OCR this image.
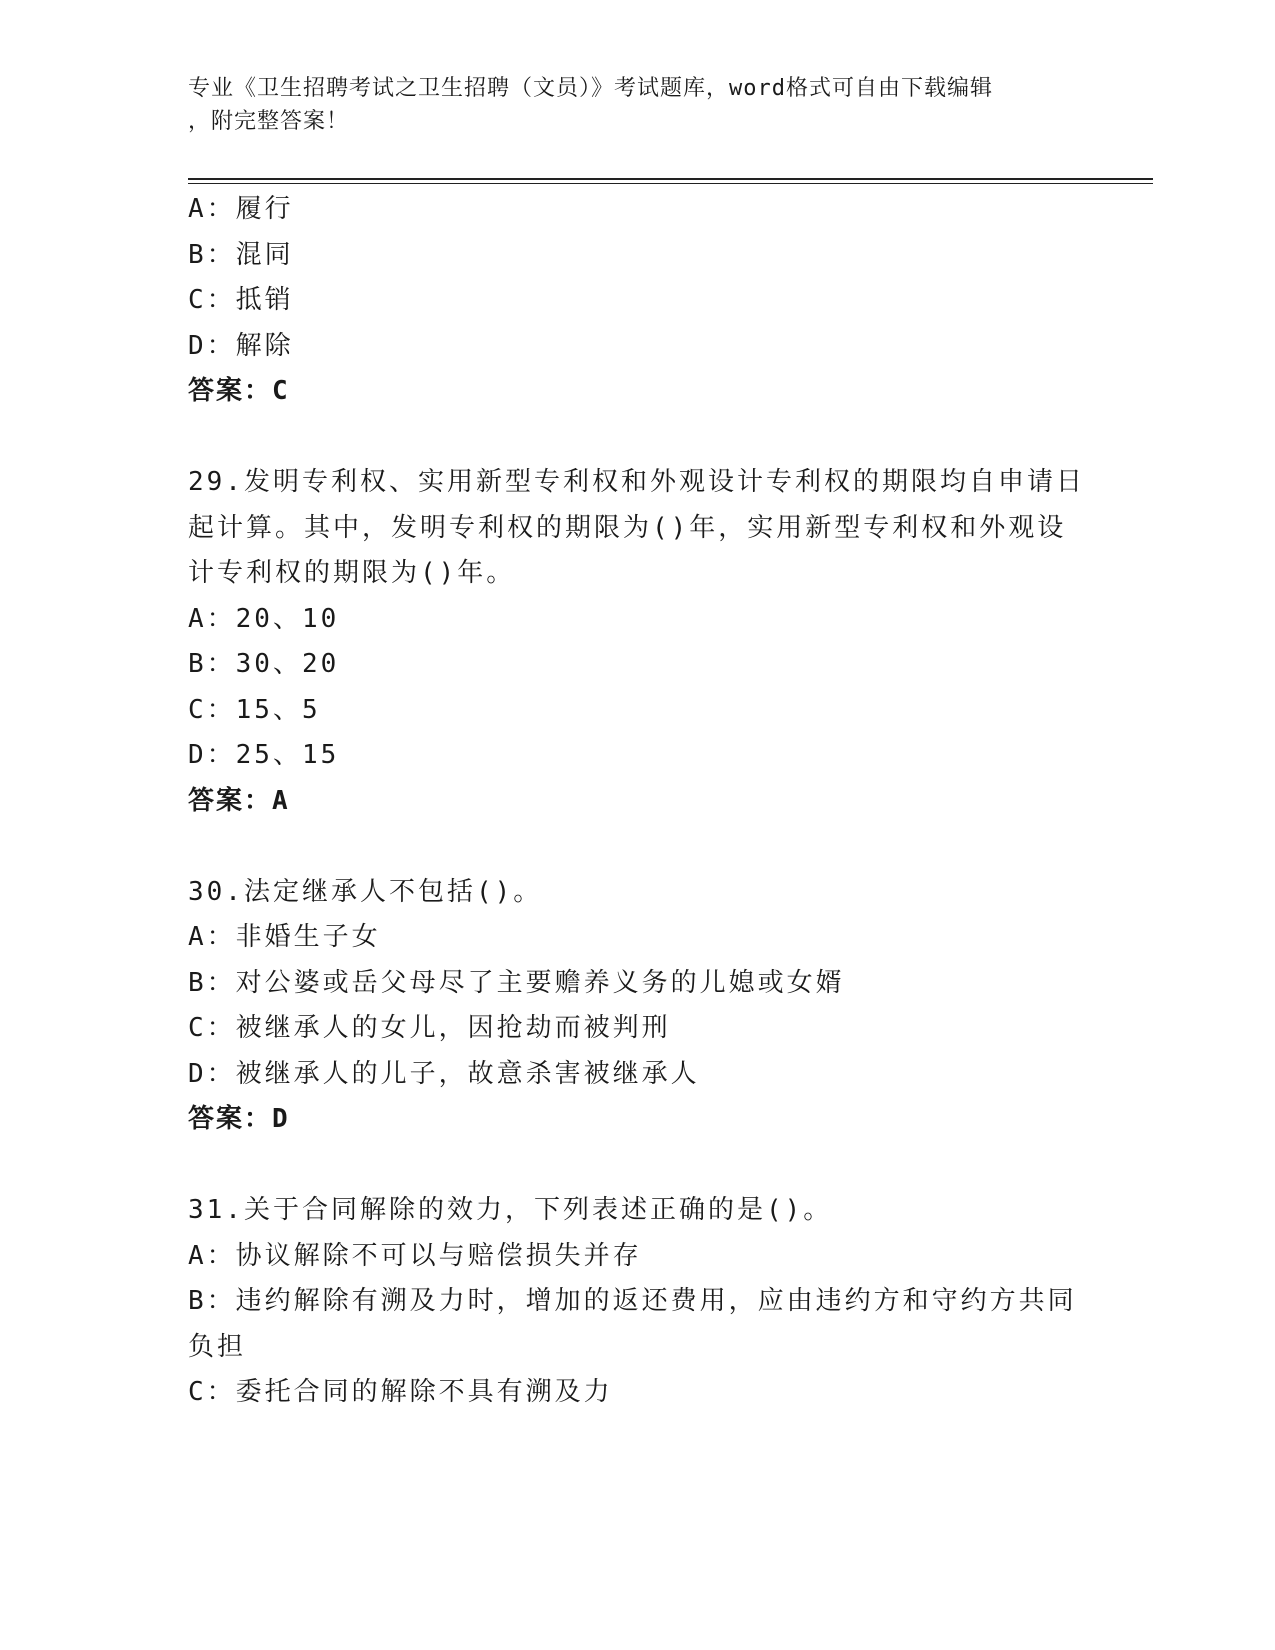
专业《卫生招聘考试之卫生招聘（文员）》考试题库，word格式可自由下载编辑
，附完整答案！
A：履行
B：混同
C：抵销
D：解除
答案：C
29.发明专利权、实用新型专利权和外观设计专利权的期限均自申请日
起计算。其中，发明专利权的期限为()年，实用新型专利权和外观设
计专利权的期限为()年。
A：20、10
B：30、20
C：15、5
D：25、15
答案：A
30.法定继承人不包括()。
A：非婚生子女
B：对公婆或岳父母尽了主要赡养义务的儿媳或女婿
C：被继承人的女儿，因抢劫而被判刑
D：被继承人的儿子，故意杀害被继承人
答案：D
31.关于合同解除的效力，下列表述正确的是()。
A：协议解除不可以与赔偿损失并存
B：违约解除有溯及力时，增加的返还费用，应由违约方和守约方共同
负担
C：委托合同的解除不具有溯及力
